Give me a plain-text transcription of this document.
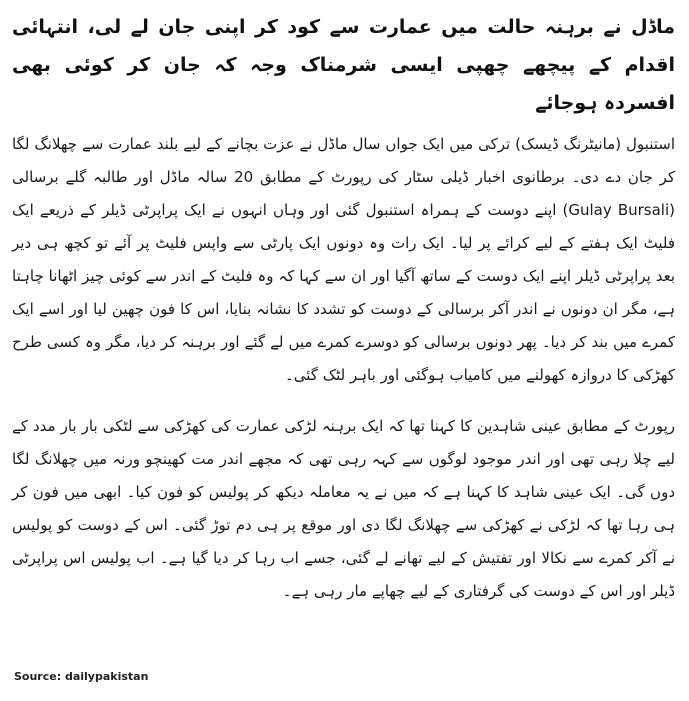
ماڈل نے برہنہ حالت میں عمارت سے کود کر اپنی جان لے لی، انتہائی اقدام کے پیچھے چھپی ایسی شرمناک وجہ کہ جان کر کوئی بھی افسردہ ہوجائے

استنبول (مانیٹرنگ ڈیسک) ترکی میں ایک جواں سال ماڈل نے عزت بچانے کے لیے بلند عمارت سے چھلانگ لگا کر جان دے دی۔ برطانوی اخبار ڈیلی سٹار کی رپورٹ کے مطابق 20 سالہ ماڈل اور طالبہ گلے برسالی (Gulay Bursali) اپنے دوست کے ہمراہ استنبول گئی اور وہاں انہوں نے ایک پراپرٹی ڈیلر کے ذریعے ایک فلیٹ ایک ہفتے کے لیے کرائے پر لیا۔ ایک رات وہ دونوں ایک پارٹی سے واپس فلیٹ پر آئے تو کچھ ہی دیر بعد پراپرٹی ڈیلر اپنے ایک دوست کے ساتھ آگیا اور ان سے کہا کہ وہ فلیٹ کے اندر سے کوئی چیز اٹھانا چاہتا ہے، مگر ان دونوں نے اندر آکر برسالی کے دوست کو تشدد کا نشانہ بنایا، اس کا فون چھین لیا اور اسے ایک کمرے میں بند کر دیا۔ پھر دونوں برسالی کو دوسرے کمرے میں لے گئے اور برہنہ کر دیا، مگر وہ کسی طرح کھڑکی کا دروازہ کھولنے میں کامیاب ہوگئی اور باہر لٹک گئی۔

رپورٹ کے مطابق عینی شاہدین کا کہنا تھا کہ ایک برہنہ لڑکی عمارت کی کھڑکی سے لٹکی بار بار مدد کے لیے چلا رہی تھی اور اندر موجود لوگوں سے کہہ رہی تھی کہ مجھے اندر مت کھینچو ورنہ میں چھلانگ لگا دوں گی۔ ایک عینی شاہد کا کہنا ہے کہ میں نے یہ معاملہ دیکھ کر پولیس کو فون کیا۔ ابھی میں فون کر ہی رہا تھا کہ لڑکی نے کھڑکی سے چھلانگ لگا دی اور موقع پر ہی دم توڑ گئی۔ اس کے دوست کو پولیس نے آکر کمرے سے نکالا اور تفتیش کے لیے تھانے لے گئی، جسے اب رہا کر دیا گیا ہے۔ اب پولیس اس پراپرٹی ڈیلر اور اس کے دوست کی گرفتاری کے لیے چھاپے مار رہی ہے۔

Source: dailypakistan
